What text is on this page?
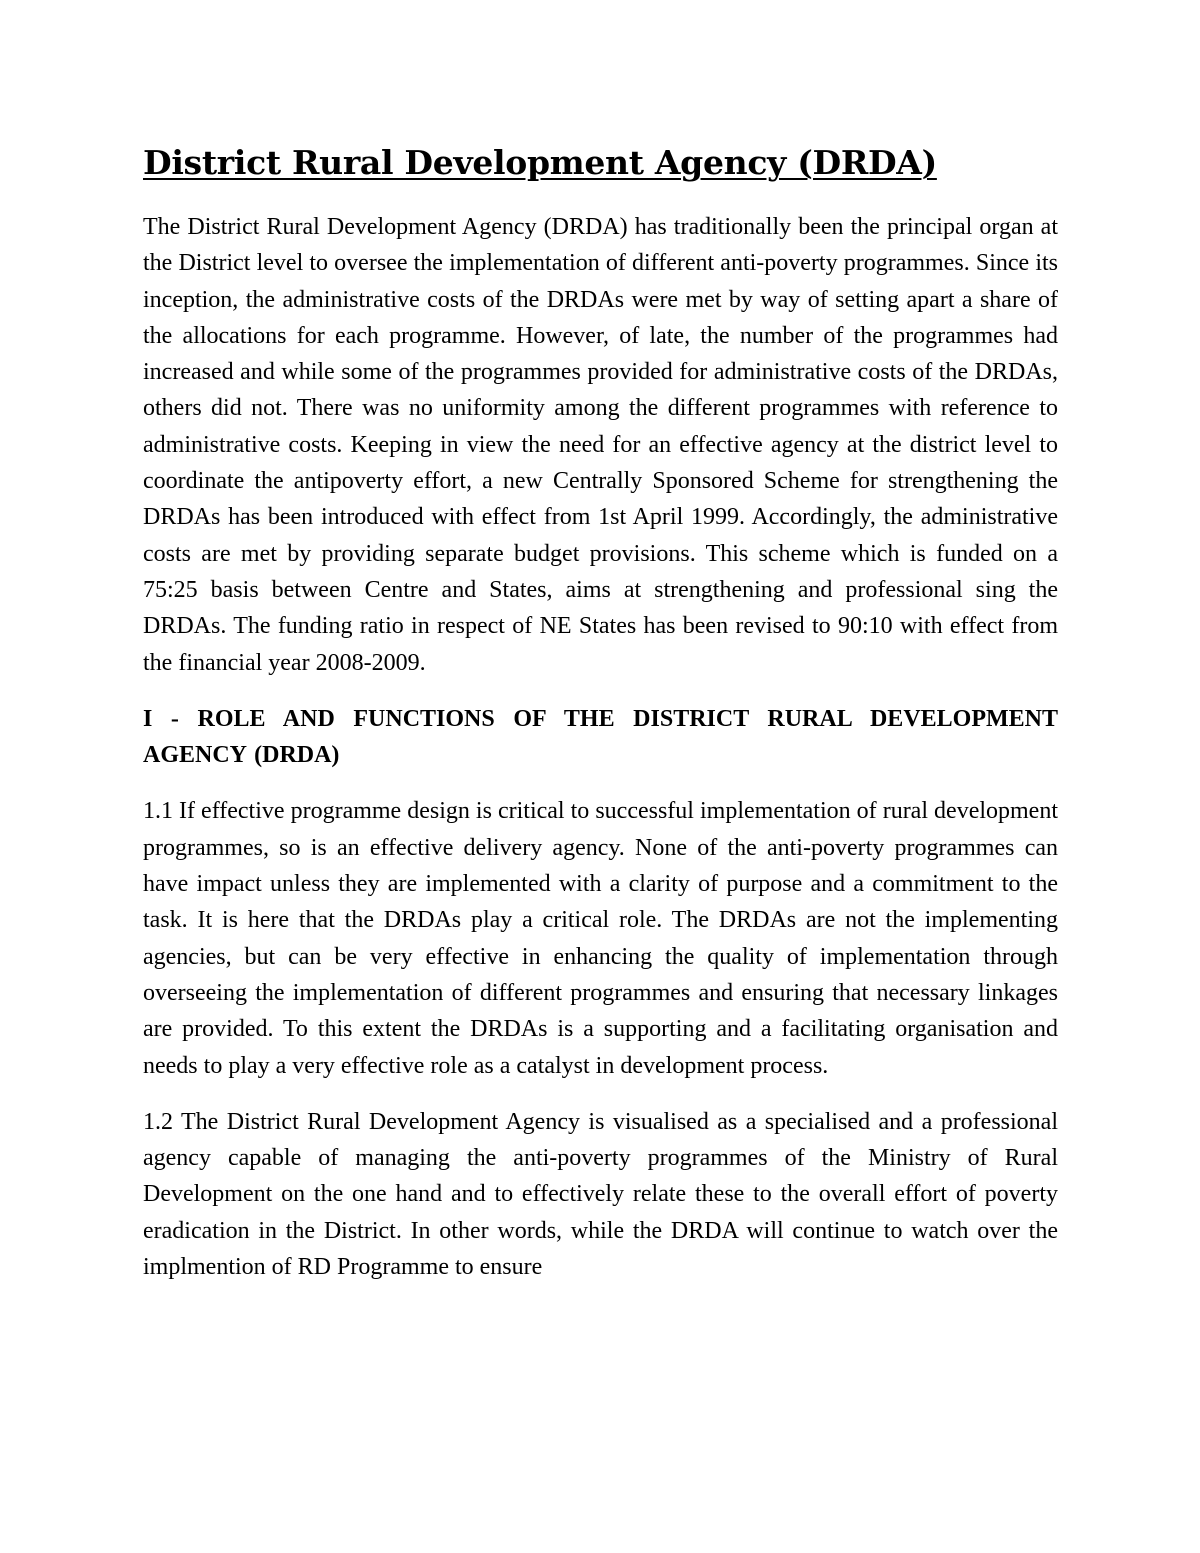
District Rural Development Agency (DRDA)

The District Rural Development Agency (DRDA) has traditionally been the principal organ at the District level to oversee the implementation of different anti-poverty programmes. Since its inception, the administrative costs of the DRDAs were met by way of setting apart a share of the allocations for each programme. However, of late, the number of the programmes had increased and while some of the programmes provided for administrative costs of the DRDAs, others did not. There was no uniformity among the different programmes with reference to administrative costs. Keeping in view the need for an effective agency at the district level to coordinate the antipoverty effort, a new Centrally Sponsored Scheme for strengthening the DRDAs has been introduced with effect from 1st April 1999. Accordingly, the administrative costs are met by providing separate budget provisions. This scheme which is funded on a 75:25 basis between Centre and States, aims at strengthening and professional sing the DRDAs. The funding ratio in respect of NE States has been revised to 90:10 with effect from the financial year 2008-2009.

I - ROLE AND FUNCTIONS OF THE DISTRICT RURAL DEVELOPMENT AGENCY (DRDA)

1.1 If effective programme design is critical to successful implementation of rural development programmes, so is an effective delivery agency. None of the anti-poverty programmes can have impact unless they are implemented with a clarity of purpose and a commitment to the task. It is here that the DRDAs play a critical role. The DRDAs are not the implementing agencies, but can be very effective in enhancing the quality of implementation through overseeing the implementation of different programmes and ensuring that necessary linkages are provided. To this extent the DRDAs is a supporting and a facilitating organisation and needs to play a very effective role as a catalyst in development process.

1.2 The District Rural Development Agency is visualised as a specialised and a professional agency capable of managing the anti-poverty programmes of the Ministry of Rural Development on the one hand and to effectively relate these to the overall effort of poverty eradication in the District. In other words, while the DRDA will continue to watch over the implmention of RD Programme to ensure
